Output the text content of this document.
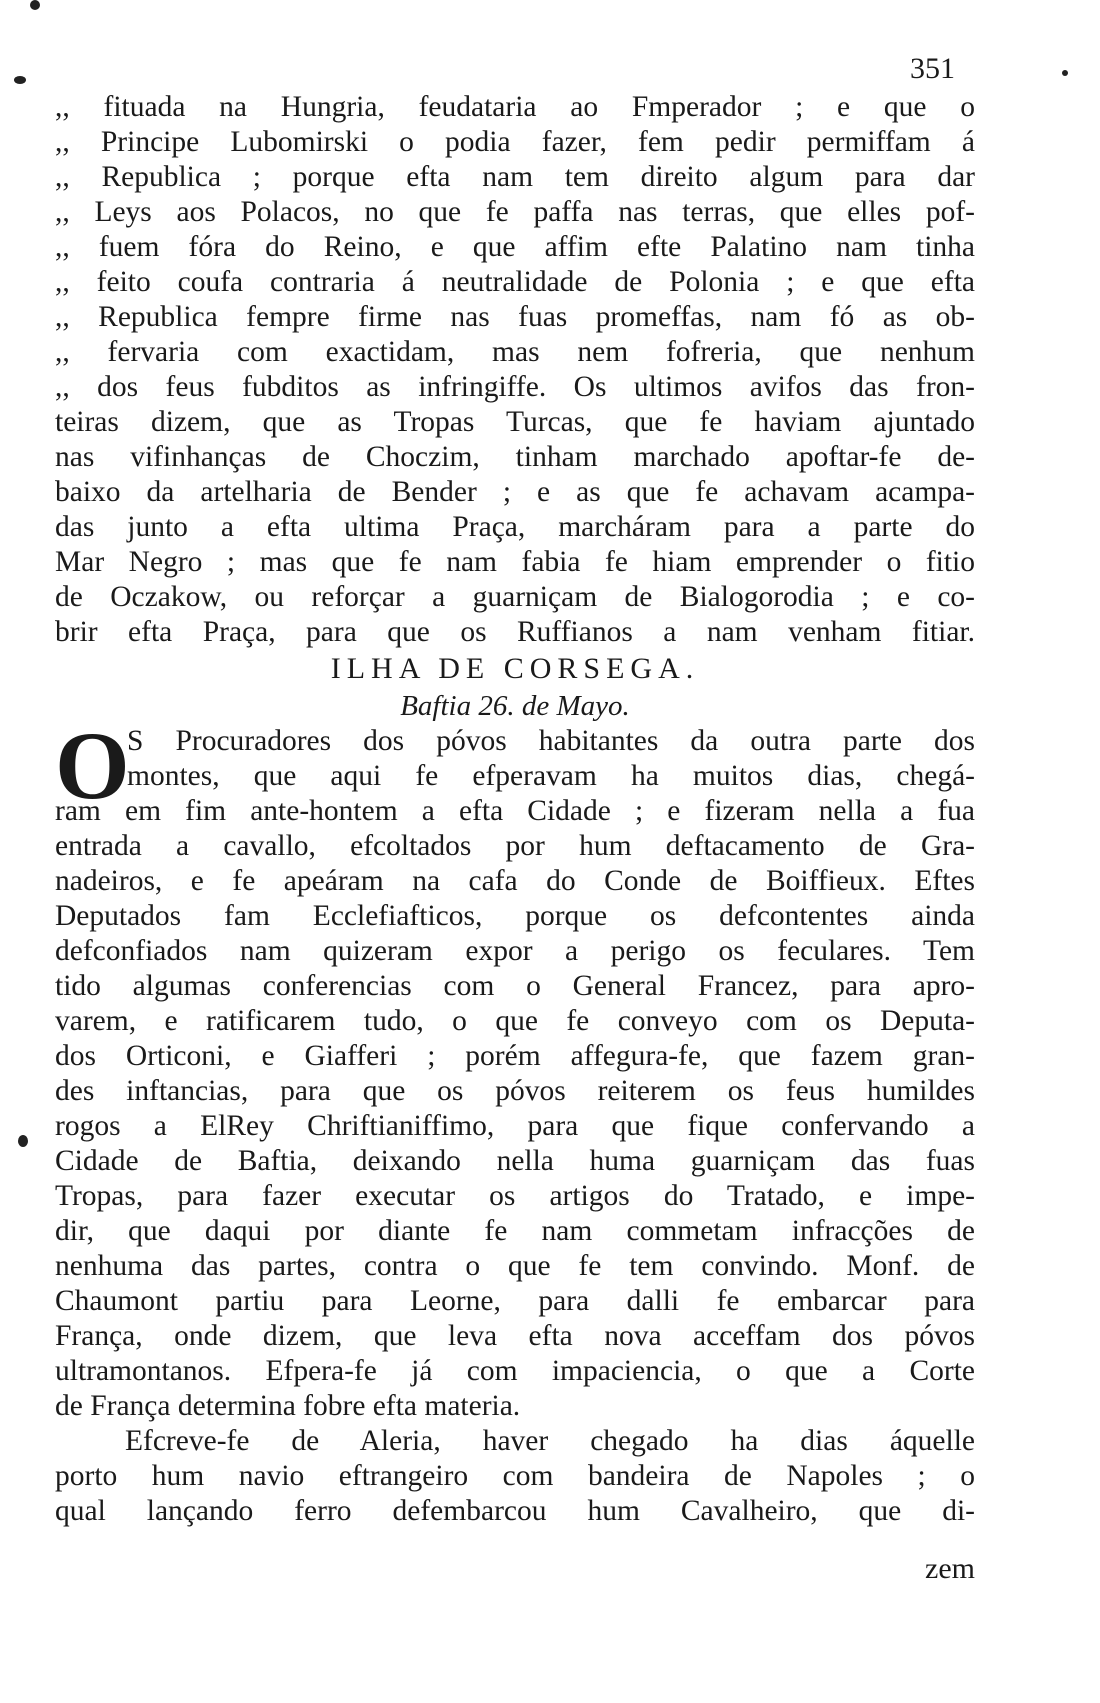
351
,, fituada na Hungria, feudataria ao Fmperador ; e que o
,, Principe Lubomirski o podia fazer, fem pedir permiffam á
,, Republica ; porque efta nam tem direito algum para dar
,, Leys aos Polacos, no que fe paffa nas terras, que elles pof-
,, fuem fóra do Reino, e que affim efte Palatino nam tinha
,, feito coufa contraria á neutralidade de Polonia ; e que efta
,, Republica fempre firme nas fuas promeffas, nam fó as ob-
,, fervaria com exactidam, mas nem fofreria, que nenhum
,, dos feus fubditos as infringiffe. Os ultimos avifos das fron-
teiras dizem, que as Tropas Turcas, que fe haviam ajuntado
nas vifinhanças de Choczim, tinham marchado apoftar-fe de-
baixo da artelharia de Bender ; e as que fe achavam acampa-
das junto a efta ultima Praça, marcháram para a parte do
Mar Negro ; mas que fe nam fabia fe hiam emprender o fitio
de Oczakow, ou reforçar a guarniçam de Bialogorodia ; e co-
brir efta Praça, para que os Ruffianos a nam venham fitiar.
ILHA DE CORSEGA.
Baftia 26. de Mayo.
O
S Procuradores dos póvos habitantes da outra parte dos
montes, que aqui fe efperavam ha muitos dias, chegá-
ram em fim ante-hontem a efta Cidade ; e fizeram nella a fua
entrada a cavallo, efcoltados por hum deftacamento de Gra-
nadeiros, e fe apeáram na cafa do Conde de Boiffieux. Eftes
Deputados fam Ecclefiafticos, porque os defcontentes ainda
defconfiados nam quizeram expor a perigo os feculares. Tem
tido algumas conferencias com o General Francez, para apro-
varem, e ratificarem tudo, o que fe conveyo com os Deputa-
dos Orticoni, e Giafferi ; porém affegura-fe, que fazem gran-
des inftancias, para que os póvos reiterem os feus humildes
rogos a ElRey Chriftianiffimo, para que fique confervando a
Cidade de Baftia, deixando nella huma guarniçam das fuas
Tropas, para fazer executar os artigos do Tratado, e impe-
dir, que daqui por diante fe nam commetam infracções de
nenhuma das partes, contra o que fe tem convindo. Monf. de
Chaumont partiu para Leorne, para dalli fe embarcar para
França, onde dizem, que leva efta nova acceffam dos póvos
ultramontanos. Efpera-fe já com impaciencia, o que a Corte
de França determina fobre efta materia.
Efcreve-fe de Aleria, haver chegado ha dias áquelle
porto hum navio eftrangeiro com bandeira de Napoles ; o
qual lançando ferro defembarcou hum Cavalheiro, que di-
zem
